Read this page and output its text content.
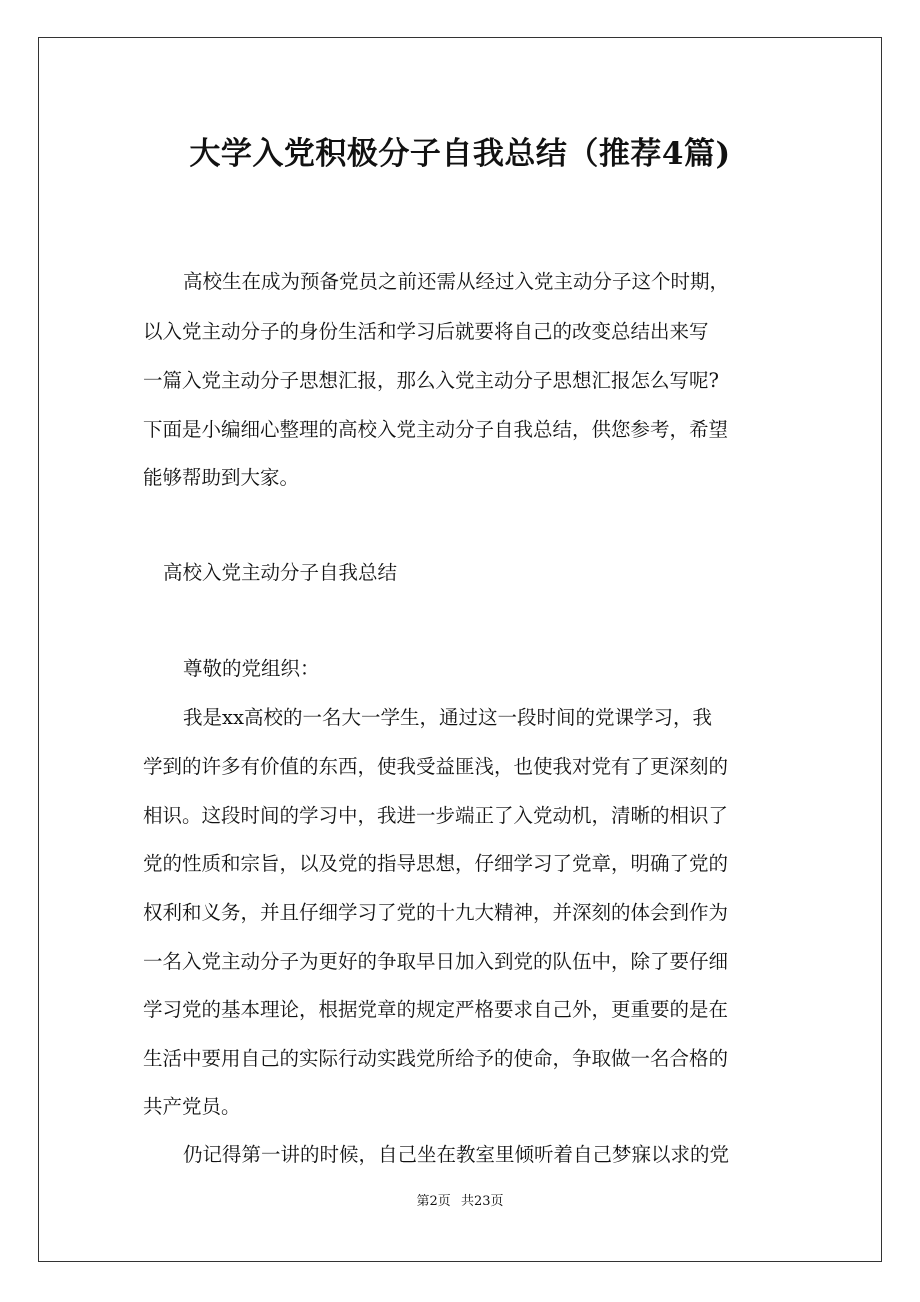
大学入党积极分子自我总结（推荐4篇)
高校生在成为预备党员之前还需从经过入党主动分子这个时期，
以入党主动分子的身份生活和学习后就要将自己的改变总结出来写
一篇入党主动分子思想汇报，那么入党主动分子思想汇报怎么写呢?
下面是小编细心整理的高校入党主动分子自我总结，供您参考，希望
能够帮助到大家。
高校入党主动分子自我总结
尊敬的党组织：
我是xx高校的一名大一学生，通过这一段时间的党课学习，我
学到的许多有价值的东西，使我受益匪浅，也使我对党有了更深刻的
相识。这段时间的学习中，我进一步端正了入党动机，清晰的相识了
党的性质和宗旨，以及党的指导思想，仔细学习了党章，明确了党的
权利和义务，并且仔细学习了党的十九大精神，并深刻的体会到作为
一名入党主动分子为更好的争取早日加入到党的队伍中，除了要仔细
学习党的基本理论，根据党章的规定严格要求自己外，更重要的是在
生活中要用自己的实际行动实践党所给予的使命，争取做一名合格的
共产党员。
仍记得第一讲的时候，自己坐在教室里倾听着自己梦寐以求的党
第2页 共23页
